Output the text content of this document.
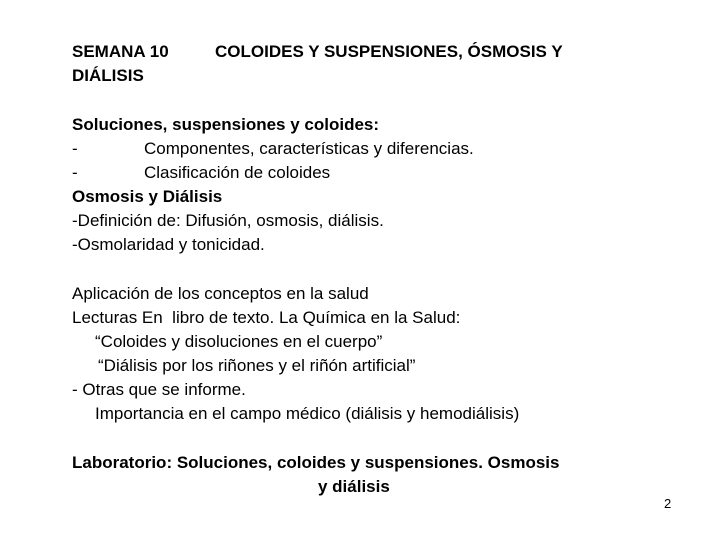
SEMANA 10	COLOIDES Y SUSPENSIONES, ÓSMOSIS Y
DIÁLISIS
Soluciones, suspensiones y coloides:
-	Componentes, características y diferencias.
-	Clasificación de coloides
Osmosis y Diálisis
-Definición de: Difusión, osmosis, diálisis.
-Osmolaridad y tonicidad.
Aplicación de los conceptos en la salud
Lecturas En  libro de texto. La Química en la Salud:
“Coloides y disoluciones en el cuerpo”
“Diálisis por los riñones y el riñón artificial”
- Otras que se informe.
Importancia en el campo médico (diálisis y hemodiálisis)
Laboratorio: Soluciones, coloides y suspensiones. Osmosis
y diálisis
2
